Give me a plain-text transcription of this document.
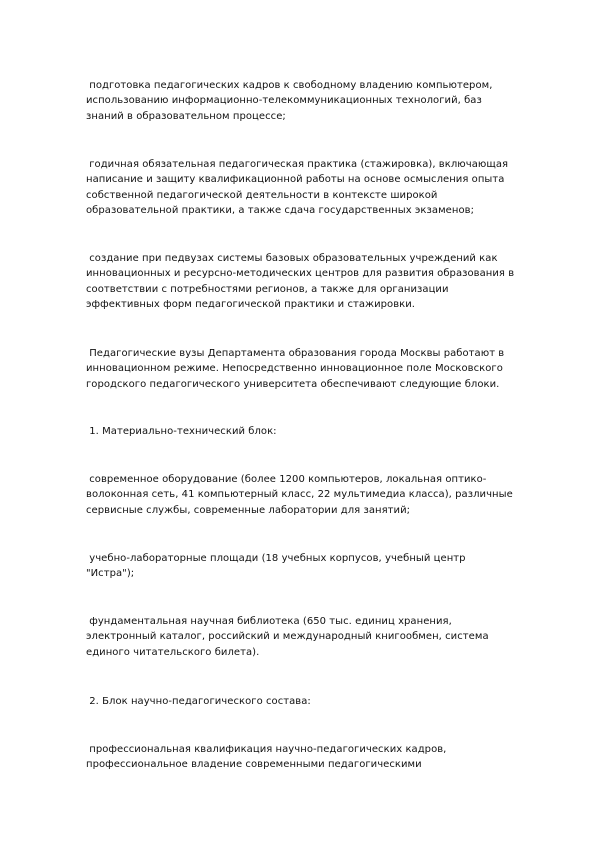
подготовка педагогических кадров к свободному владению компьютером,
использованию информационно-телекоммуникационных технологий, баз
знаний в образовательном процессе;

годичная обязательная педагогическая практика (стажировка), включающая
написание и защиту квалификационной работы на основе осмысления опыта
собственной педагогической деятельности в контексте широкой
образовательной практики, а также сдача государственных экзаменов;

создание при педвузах системы базовых образовательных учреждений как
инновационных и ресурсно-методических центров для развития образования в
соответствии с потребностями регионов, а также для организации
эффективных форм педагогической практики и стажировки.

Педагогические вузы Департамента образования города Москвы работают в
инновационном режиме. Непосредственно инновационное поле Московского
городского педагогического университета обеспечивают следующие блоки.

1. Материально-технический блок:

современное оборудование (более 1200 компьютеров, локальная оптико-
волоконная сеть, 41 компьютерный класс, 22 мультимедиа класса), различные
сервисные службы, современные лаборатории для занятий;

учебно-лабораторные площади (18 учебных корпусов, учебный центр
"Истра");

фундаментальная научная библиотека (650 тыс. единиц хранения,
электронный каталог, российский и международный книгообмен, система
единого читательского билета).

2. Блок научно-педагогического состава:

профессиональная квалификация научно-педагогических кадров,
профессиональное владение современными педагогическими
